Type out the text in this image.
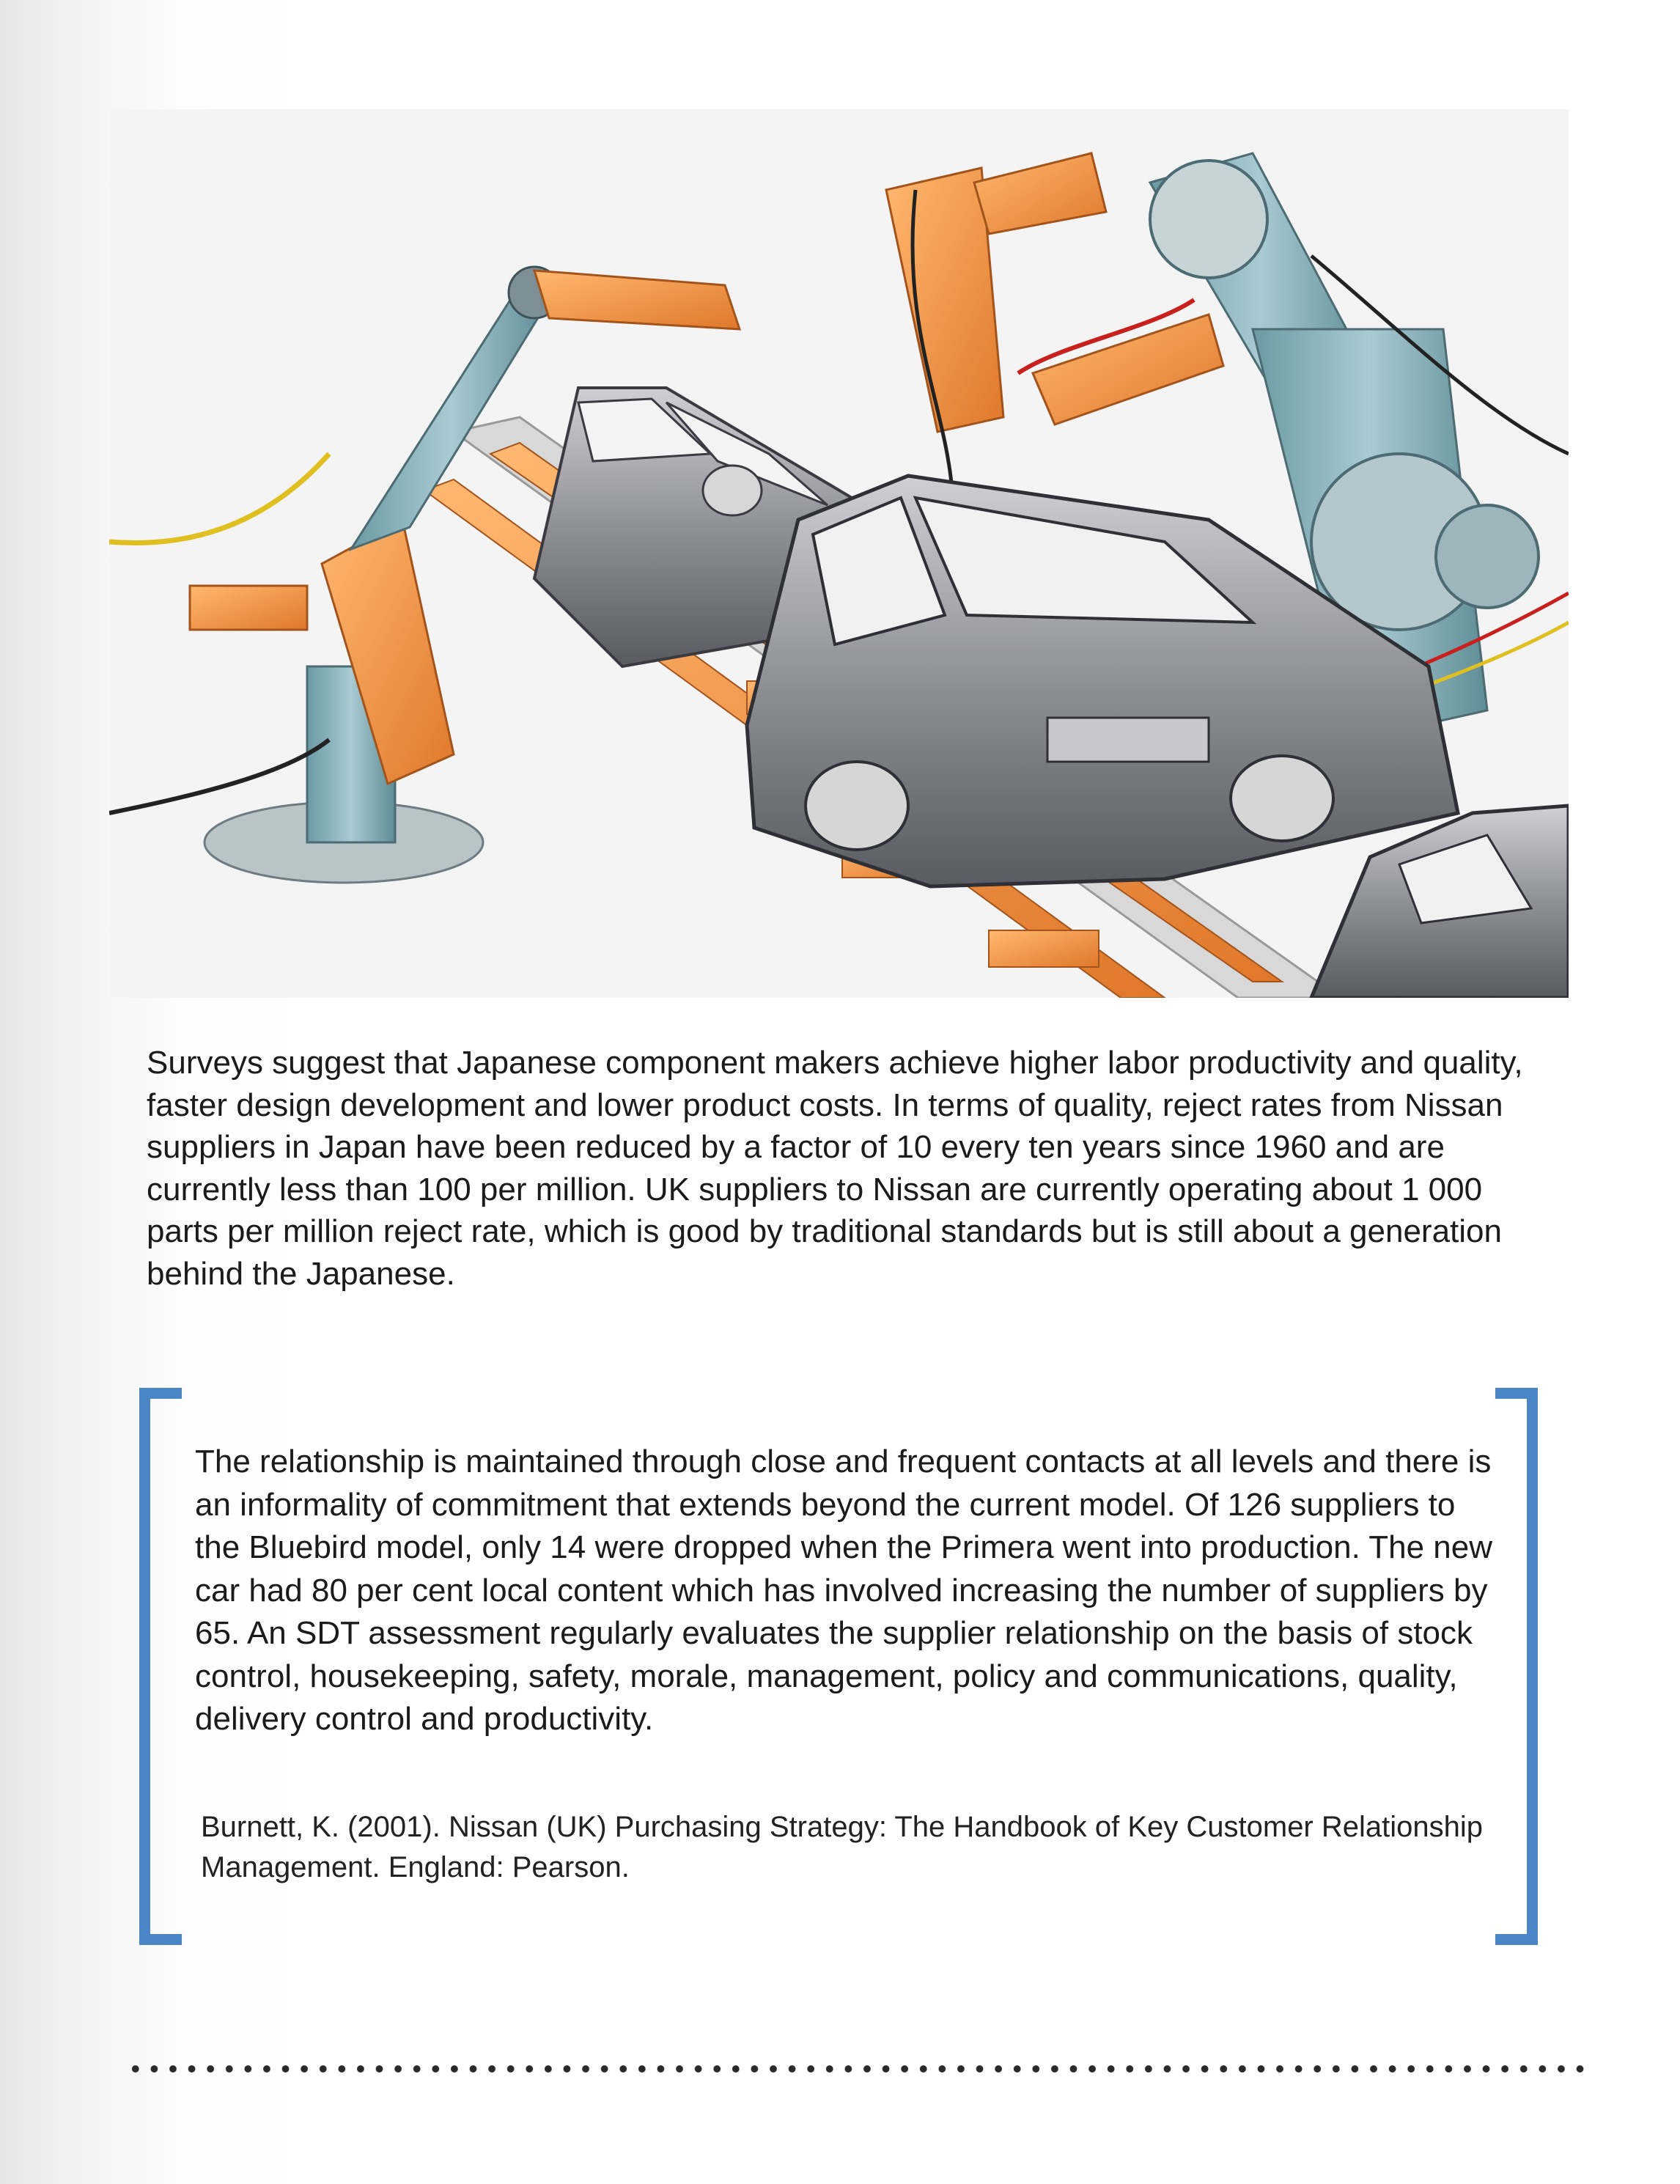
Surveys suggest that Japanese component makers achieve higher labor productivity and quality, faster design development and lower product costs. In terms of quality, reject rates from Nissan suppliers in Japan have been reduced by a factor of 10 every ten years since 1960 and are currently less than 100 per million. UK suppliers to Nissan are currently operating about 1 000 parts per million reject rate, which is good by traditional standards but is still about a generation behind the Japanese.

The relationship is maintained through close and frequent contacts at all levels and there is an informality of commitment that extends beyond the current model. Of 126 suppliers to the Bluebird model, only 14 were dropped when the Primera went into production. The new car had 80 per cent local content which has involved increasing the number of suppliers by 65. An SDT assessment regularly evaluates the supplier relationship on the basis of stock control, housekeeping, safety, morale, management, policy and communications, quality, delivery control and productivity.

Burnett, K. (2001). Nissan (UK) Purchasing Strategy: The Handbook of Key Customer Relationship Management. England: Pearson.
